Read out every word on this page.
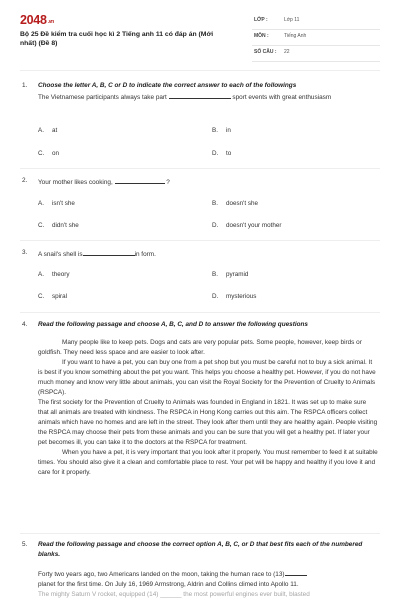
2048.vn
Bộ 25 Đề kiểm tra cuối học kì 2 Tiếng anh 11 có đáp án (Mới nhất) (Đề 8)
LỚP :	Lớp 11
MÔN :	Tiếng Anh
SỐ CÂU : 22
1. Choose the letter A, B, C or D to indicate the correct answer to each of the followings
The Vietnamese participants always take part	sport events with great enthusiasm
A. at	B. in
C. on	D. to
2. Your mother likes cooking,	?
A. isn't she	B. doesn't she
C. didn't she	D. doesn't your mother
3. A snail's shell is	in form.
A. theory	B. pyramid
C. spiral	D. mysterious
4. Read the following passage and choose A, B, C, and D to answer the following questions

Many people like to keep pets. Dogs and cats are very popular pets. Some people, however, keep birds or goldfish. They need less space and are easier to look after.

If you want to have a pet, you can buy one from a pet shop but you must be careful not to buy a sick animal. It is best if you know something about the pet you want. This helps you choose a healthy pet. However, if you do not have much money and know very little about animals, you can visit the Royal Society for the Prevention of Cruelty to Animals (RSPCA).

The first society for the Prevention of Cruelty to Animals was founded in England in 1821. It was set up to make sure that all animals are treated with kindness. The RSPCA in Hong Kong carries out this aim. The RSPCA officers collect animals which have no homes and are left in the street. They look after them until they are healthy again. People visiting the RSPCA may choose their pets from these animals and you can be sure that you will get a healthy pet. If later your pet becomes ill, you can take it to the doctors at the RSPCA for treatment.

When you have a pet, it is very important that you look after it properly. You must remember to feed it at suitable times. You should also give it a clean and comfortable place to rest. Your pet will be happy and healthy if you love it and care for it properly.

5. Read the following passage and choose the correct option A, B, C, or D that best fits each of the numbered blanks.
Forty two years ago, two Americans landed on the moon, taking the human race to (13)
planet for the first time. On July 16, 1969 Armstrong, Aldrin and Collins climed into Apollo 11.
The mighty Saturn V rocket, equipped (14) ______ the most powerful engines ever built, blasted
